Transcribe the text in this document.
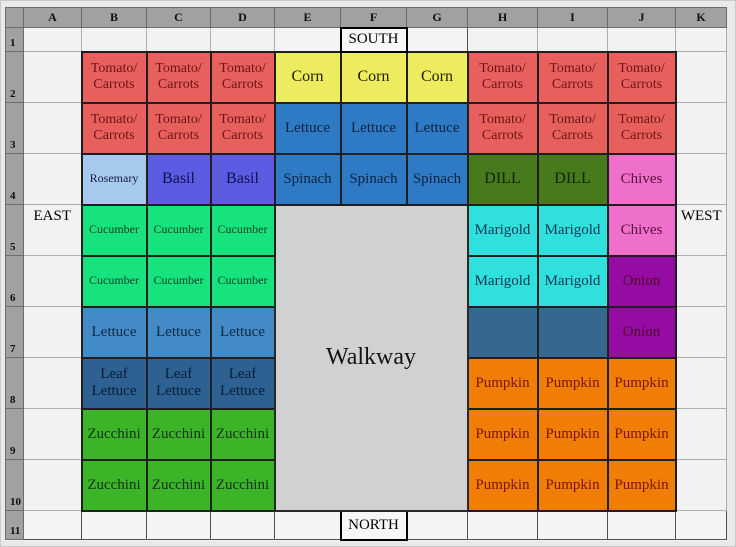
	A	B	C	D	E	F	G	H	I	J	K
1						SOUTH					
2		Tomato/ Carrots	Tomato/ Carrots	Tomato/ Carrots	Corn	Corn	Corn	Tomato/ Carrots	Tomato/ Carrots	Tomato/ Carrots	
3		Tomato/ Carrots	Tomato/ Carrots	Tomato/ Carrots	Lettuce	Lettuce	Lettuce	Tomato/ Carrots	Tomato/ Carrots	Tomato/ Carrots	
4		Rosemary	Basil	Basil	Spinach	Spinach	Spinach	DILL	DILL	Chives	
5	EAST	Cucumber	Cucumber	Cucumber	Walkway			Marigold	Marigold	Chives	WEST
6		Cucumber	Cucumber	Cucumber				Marigold	Marigold	Onion	
7		Lettuce	Lettuce	Lettuce						Onion	
8		Leaf Lettuce	Leaf Lettuce	Leaf Lettuce				Pumpkin	Pumpkin	Pumpkin	
9		Zucchini	Zucchini	Zucchini				Pumpkin	Pumpkin	Pumpkin	
10		Zucchini	Zucchini	Zucchini				Pumpkin	Pumpkin	Pumpkin	
11						NORTH					
